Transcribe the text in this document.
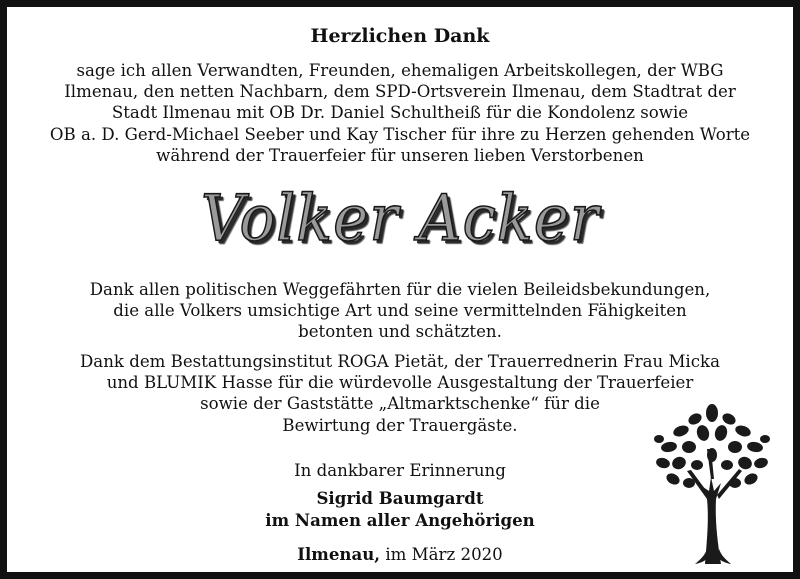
Herzlichen Dank

sage ich allen Verwandten, Freunden, ehemaligen Arbeitskollegen, der WBG
Ilmenau, den netten Nachbarn, dem SPD-Ortsverein Ilmenau, dem Stadtrat der
Stadt Ilmenau mit OB Dr. Daniel Schultheiß für die Kondolenz sowie
OB a. D. Gerd-Michael Seeber und Kay Tischer für ihre zu Herzen gehenden Worte
während der Trauerfeier für unseren lieben Verstorbenen

Volker Acker

Dank allen politischen Weggefährten für die vielen Beileidsbekundungen,
die alle Volkers umsichtige Art und seine vermittelnden Fähigkeiten
betonten und schätzten.

Dank dem Bestattungsinstitut ROGA Pietät, der Trauerrednerin Frau Micka
und BLUMIK Hasse für die würdevolle Ausgestaltung der Trauerfeier
sowie der Gaststätte „Altmarktschenke“ für die
Bewirtung der Trauergäste.

In dankbarer Erinnerung
Sigrid Baumgardt
im Namen aller Angehörigen
Ilmenau, im März 2020
